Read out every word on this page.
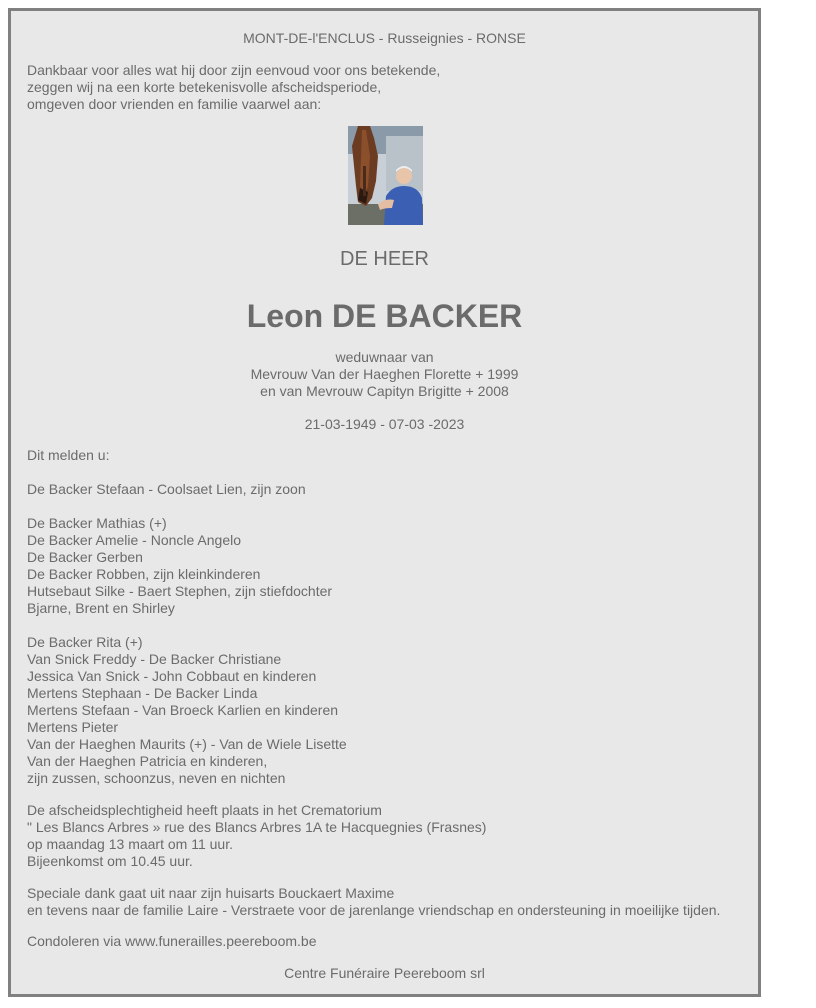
MONT-DE-l'ENCLUS - Russeignies - RONSE
Dankbaar voor alles wat hij door zijn eenvoud voor ons betekende,
zeggen wij na een korte betekenisvolle afscheidsperiode,
omgeven door vrienden en familie vaarwel aan:
DE HEER
Leon DE BACKER
weduwnaar van
Mevrouw Van der Haeghen Florette + 1999
en van Mevrouw Capityn Brigitte + 2008
21-03-1949 - 07-03 -2023
Dit melden u:
De Backer Stefaan - Coolsaet Lien, zijn zoon
De Backer Mathias (+)
De Backer Amelie - Noncle Angelo
De Backer Gerben
De Backer Robben, zijn kleinkinderen
Hutsebaut Silke - Baert Stephen, zijn stiefdochter
Bjarne, Brent en Shirley
De Backer Rita (+)
Van Snick Freddy - De Backer Christiane
Jessica Van Snick - John Cobbaut en kinderen
Mertens Stephaan - De Backer Linda
Mertens Stefaan - Van Broeck Karlien en kinderen
Mertens Pieter
Van der Haeghen Maurits (+) - Van de Wiele Lisette
Van der Haeghen Patricia en kinderen,
zijn zussen, schoonzus, neven en nichten
De afscheidsplechtigheid heeft plaats in het Crematorium
" Les Blancs Arbres » rue des Blancs Arbres 1A te Hacquegnies (Frasnes)
op maandag 13 maart om 11 uur.
Bijeenkomst om 10.45 uur.
Speciale dank gaat uit naar zijn huisarts Bouckaert Maxime
en tevens naar de familie Laire - Verstraete voor de jarenlange vriendschap en ondersteuning in moeilijke tijden.
Condoleren via www.funerailles.peereboom.be
Centre Funéraire Peereboom srl
